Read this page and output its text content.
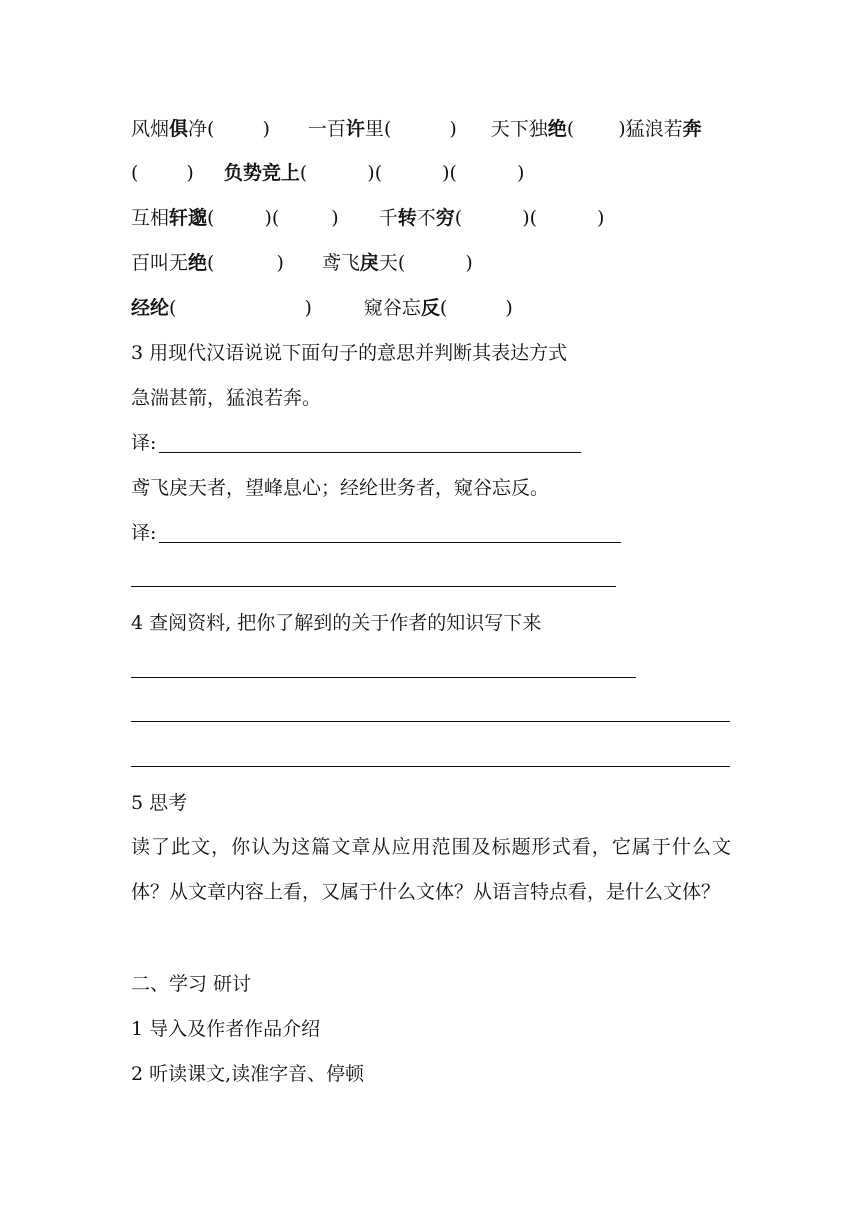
风烟俱净(	) 一百许里(	) 天下独绝( )猛浪若奔
(	) 负势竞上(	)(	)(	)
互相轩邈(	)(	) 千转不穷(	)(	)
百叫无绝(	) 鸢飞戾天(	)
经纶(	)	窥谷忘反(	)
3 用现代汉语说说下面句子的意思并判断其表达方式
急湍甚箭，猛浪若奔。
译:
鸢飞戾天者，望峰息心；经纶世务者，窥谷忘反。
译:
4 查阅资料, 把你了解到的关于作者的知识写下来
5 思考
读了此文，你认为这篇文章从应用范围及标题形式看，它属于什么文体？从文章内容上看，又属于什么文体？从语言特点看，是什么文体？
二、学习 研讨
1 导入及作者作品介绍
2 听读课文,读准字音、停顿
